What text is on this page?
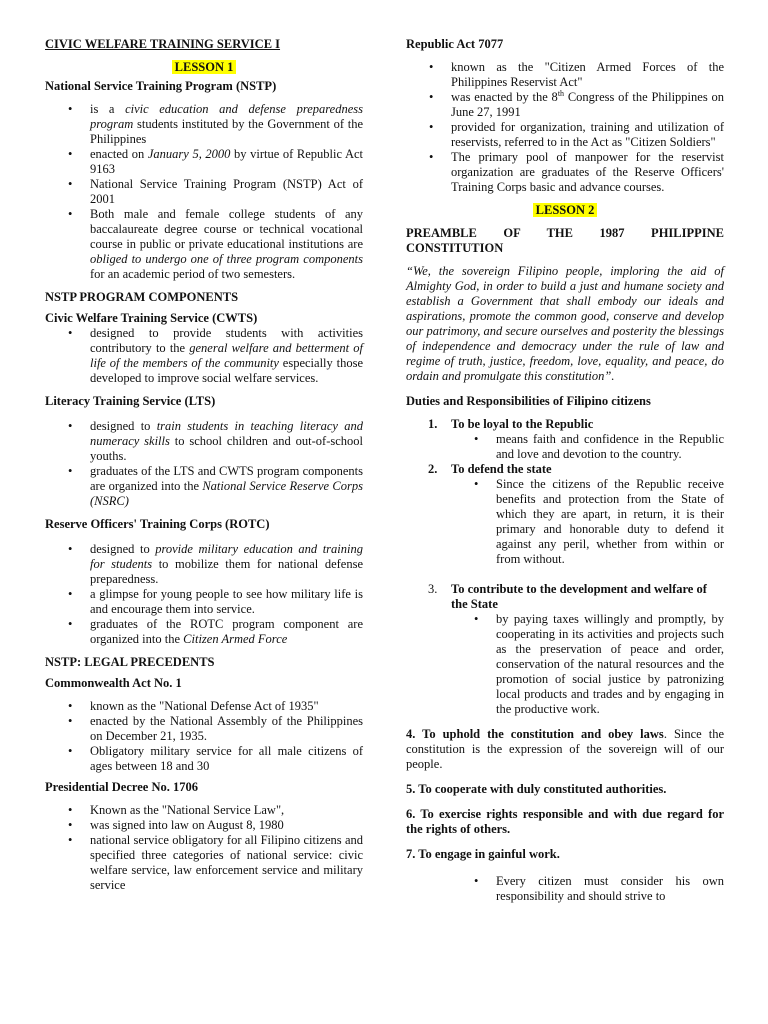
CIVIC WELFARE TRAINING SERVICE I
LESSON 1
National Service Training Program (NSTP)
• is a civic education and defense preparedness program students instituted by the Government of the Philippines
• enacted on January 5, 2000 by virtue of Republic Act 9163
• National Service Training Program (NSTP) Act of 2001
• Both male and female college students of any baccalaureate degree course or technical vocational course in public or private educational institutions are obliged to undergo one of three program components for an academic period of two semesters.
NSTP PROGRAM COMPONENTS
Civic Welfare Training Service (CWTS)
• designed to provide students with activities contributory to the general welfare and betterment of life of the members of the community especially those developed to improve social welfare services.
Literacy Training Service (LTS)
• designed to train students in teaching literacy and numeracy skills to school children and out-of-school youths.
• graduates of the LTS and CWTS program components are organized into the National Service Reserve Corps (NSRC)
Reserve Officers' Training Corps (ROTC)
• designed to provide military education and training for students to mobilize them for national defense preparedness.
• a glimpse for young people to see how military life is and encourage them into service.
• graduates of the ROTC program component are organized into the Citizen Armed Force
NSTP: LEGAL PRECEDENTS
Commonwealth Act No. 1
• known as the "National Defense Act of 1935"
• enacted by the National Assembly of the Philippines on December 21, 1935.
• Obligatory military service for all male citizens of ages between 18 and 30
Presidential Decree No. 1706
• Known as the "National Service Law",
• was signed into law on August 8, 1980
• national service obligatory for all Filipino citizens and specified three categories of national service: civic welfare service, law enforcement service and military service
Republic Act 7077
• known as the "Citizen Armed Forces of the Philippines Reservist Act"
• was enacted by the 8th Congress of the Philippines on June 27, 1991
• provided for organization, training and utilization of reservists, referred to in the Act as "Citizen Soldiers"
• The primary pool of manpower for the reservist organization are graduates of the Reserve Officers' Training Corps basic and advance courses.
LESSON 2
PREAMBLE OF THE 1987 PHILIPPINE CONSTITUTION

“We, the sovereign Filipino people, imploring the aid of Almighty God, in order to build a just and humane society and establish a Government that shall embody our ideals and aspirations, promote the common good, conserve and develop our patrimony, and secure ourselves and posterity the blessings of independence and democracy under the rule of law and regime of truth, justice, freedom, love, equality, and peace, do ordain and promulgate this constitution”.

Duties and Responsibilities of Filipino citizens

1. To be loyal to the Republic

• means faith and confidence in the Republic and love and devotion to the country.

2. To defend the state

• Since the citizens of the Republic receive benefits and protection from the State of which they are apart, in return, it is their primary and honorable duty to defend it against any peril, whether from within or from without.

3. To contribute to the development and welfare of the State

• by paying taxes willingly and promptly, by cooperating in its activities and projects such as the preservation of peace and order, conservation of the natural resources and the promotion of social justice by patronizing local products and trades and by engaging in the productive work.

4. To uphold the constitution and obey laws. Since the constitution is the expression of the sovereign will of our people.

5. To cooperate with duly constituted authorities.

6. To exercise rights responsible and with due regard for the rights of others.

7. To engage in gainful work.

• Every citizen must consider his own responsibility and should strive to
